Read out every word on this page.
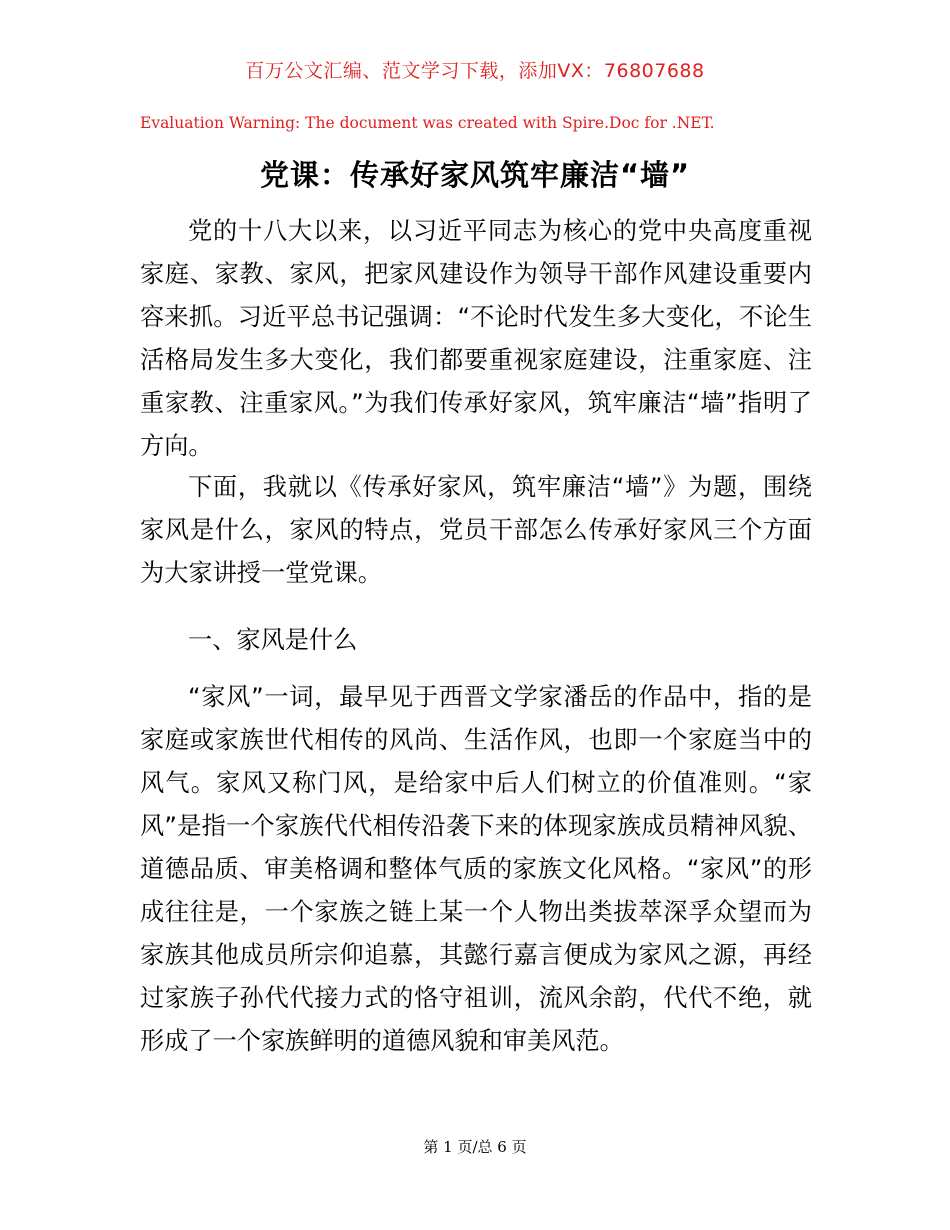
百万公文汇编、范文学习下载，添加VX：76807688
Evaluation Warning: The document was created with Spire.Doc for .NET.
党课：传承好家风筑牢廉洁“墙”

党的十八大以来，以习近平同志为核心的党中央高度重视家庭、家教、家风，把家风建设作为领导干部作风建设重要内容来抓。习近平总书记强调：“不论时代发生多大变化，不论生活格局发生多大变化，我们都要重视家庭建设，注重家庭、注重家教、注重家风。”为我们传承好家风，筑牢廉洁“墙”指明了方向。

下面，我就以《传承好家风，筑牢廉洁“墙”》为题，围绕家风是什么，家风的特点，党员干部怎么传承好家风三个方面为大家讲授一堂党课。

一、家风是什么

“家风”一词，最早见于西晋文学家潘岳的作品中，指的是家庭或家族世代相传的风尚、生活作风，也即一个家庭当中的风气。家风又称门风，是给家中后人们树立的价值准则。“家风”是指一个家族代代相传沿袭下来的体现家族成员精神风貌、道德品质、审美格调和整体气质的家族文化风格。“家风”的形成往往是，一个家族之链上某一个人物出类拔萃深孚众望而为家族其他成员所宗仰追慕，其懿行嘉言便成为家风之源，再经过家族子孙代代接力式的恪守祖训，流风余韵，代代不绝，就形成了一个家族鲜明的道德风貌和审美风范。

第 1 页/总 6 页
